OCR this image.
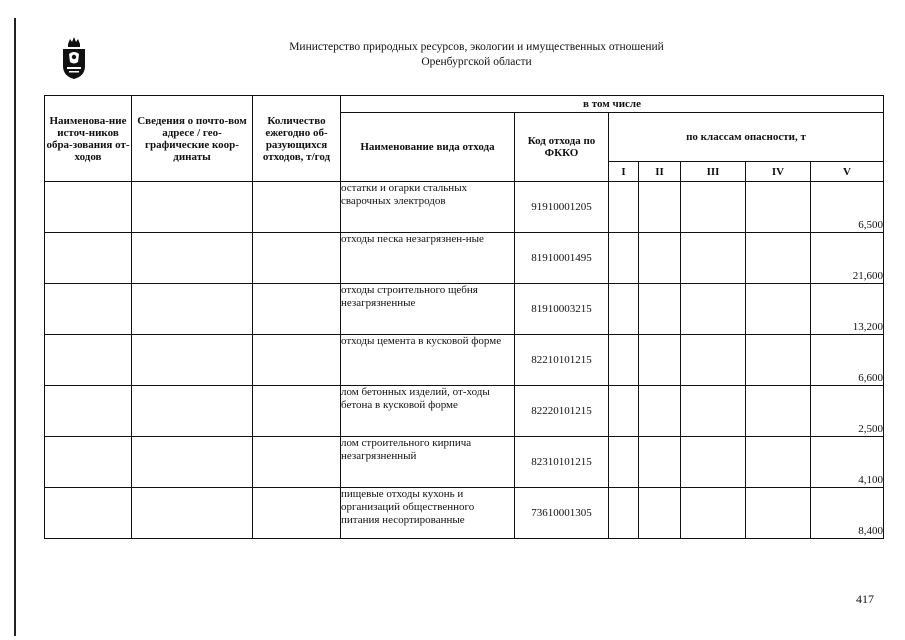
Министерство природных ресурсов, экологии и имущественных отношений
Оренбургской области
Наименова-ние источ-ников обра-зования от-ходов	Сведения о почто-вом адресе / гео-графические коор-динаты	Количество ежегодно об-разующихся отходов, т/год	в том числе						
			Наименование вида отхода	Код отхода по ФККО	по классам опасности, т				
					I	II	III	IV	V
			остатки и огарки стальных сварочных электродов	91910001205					6,500
			отходы песка незагрязнен-ные	81910001495					21,600
			отходы строительного щебня незагрязненные	81910003215					13,200
			отходы цемента в кусковой форме	82210101215					6,600
			лом бетонных изделий, от-ходы бетона в кусковой форме	82220101215					2,500
			лом строительного кирпича незагрязненный	82310101215					4,100
			пищевые отходы кухонь и организаций общественного питания несортированные	73610001305					8,400
417
